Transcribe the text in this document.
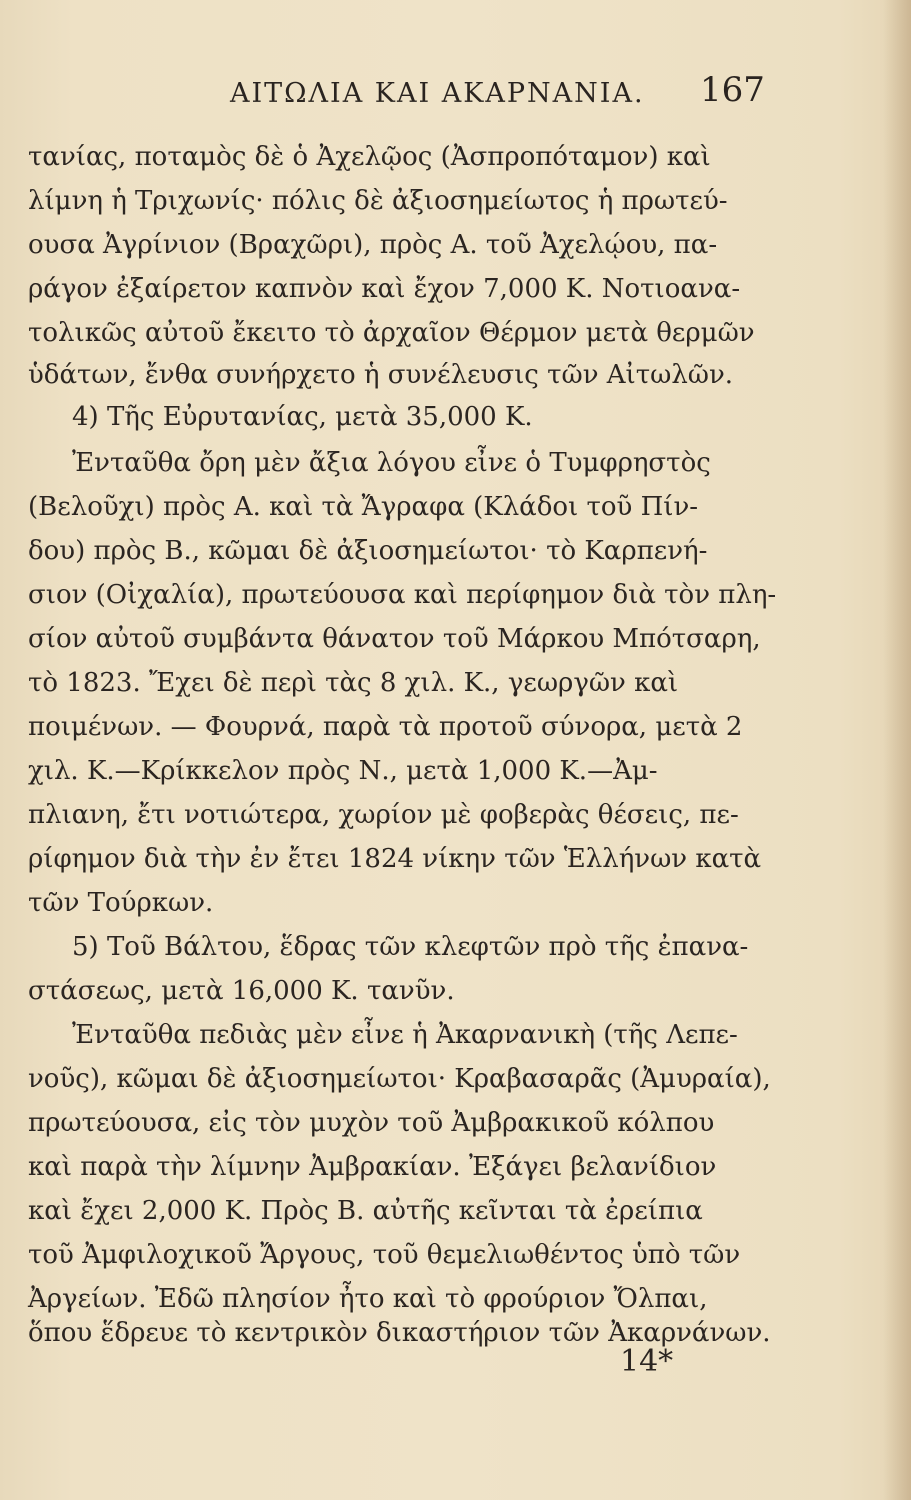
ΑΙΤΩΛΙΑ ΚΑΙ ΑΚΑΡΝΑΝΙΑ. 167
τανίας, ποταμὸς δὲ ὁ Ἀχελῷος (Ἀσπροπόταμον) καὶ
λίμνη ἡ Τριχωνίς· πόλις δὲ ἀξιοσημείωτος ἡ πρωτεύ-
ουσα Ἀγρίνιον (Βραχῶρι), πρὸς Α. τοῦ Ἀχελῴου, πα-
ράγον ἐξαίρετον καπνὸν καὶ ἔχον 7,000 Κ. Νοτιοανα-
τολικῶς αὐτοῦ ἔκειτο τὸ ἀρχαῖον Θέρμον μετὰ θερμῶν
ὑδάτων, ἔνθα συνήρχετο ἡ συνέλευσις τῶν Αἰτωλῶν.
4) Τῆς Εὐρυτανίας, μετὰ 35,000 Κ.
Ἐνταῦθα ὄρη μὲν ἄξια λόγου εἶνε ὁ Τυμφρηστὸς
(Βελοῦχι) πρὸς Α. καὶ τὰ Ἄγραφα (Κλάδοι τοῦ Πίν-
δου) πρὸς Β., κῶμαι δὲ ἀξιοσημείωτοι· τὸ Καρπενή-
σιον (Οἰχαλία), πρωτεύουσα καὶ περίφημον διὰ τὸν πλη-
σίον αὐτοῦ συμβάντα θάνατον τοῦ Μάρκου Μπότσαρη,
τὸ 1823. Ἔχει δὲ περὶ τὰς 8 χιλ. Κ., γεωργῶν καὶ
ποιμένων. — Φουρνά, παρὰ τὰ προτοῦ σύνορα, μετὰ 2
χιλ. Κ.—Κρίκκελον πρὸς Ν., μετὰ 1,000 Κ.—Ἀμ-
πλιανη, ἔτι νοτιώτερα, χωρίον μὲ φοβερὰς θέσεις, πε-
ρίφημον διὰ τὴν ἐν ἔτει 1824 νίκην τῶν Ἑλλήνων κατὰ
τῶν Τούρκων.
5) Τοῦ Βάλτου, ἕδρας τῶν κλεφτῶν πρὸ τῆς ἐπανα-
στάσεως, μετὰ 16,000 Κ. τανῦν.
Ἐνταῦθα πεδιὰς μὲν εἶνε ἡ Ἀκαρνανικὴ (τῆς Λεπε-
νοῦς), κῶμαι δὲ ἀξιοσημείωτοι· Κραβασαρᾶς (Ἀμυραία),
πρωτεύουσα, εἰς τὸν μυχὸν τοῦ Ἀμβρακικοῦ κόλπου
καὶ παρὰ τὴν λίμνην Ἀμβρακίαν. Ἐξάγει βελανίδιον
καὶ ἔχει 2,000 Κ. Πρὸς Β. αὐτῆς κεῖνται τὰ ἐρείπια
τοῦ Ἀμφιλοχικοῦ Ἄργους, τοῦ θεμελιωθέντος ὑπὸ τῶν
Ἀργείων. Ἐδῶ πλησίον ἦτο καὶ τὸ φρούριον Ὄλπαι,
ὅπου ἕδρευε τὸ κεντρικὸν δικαστήριον τῶν Ἀκαρνάνων.
14*
